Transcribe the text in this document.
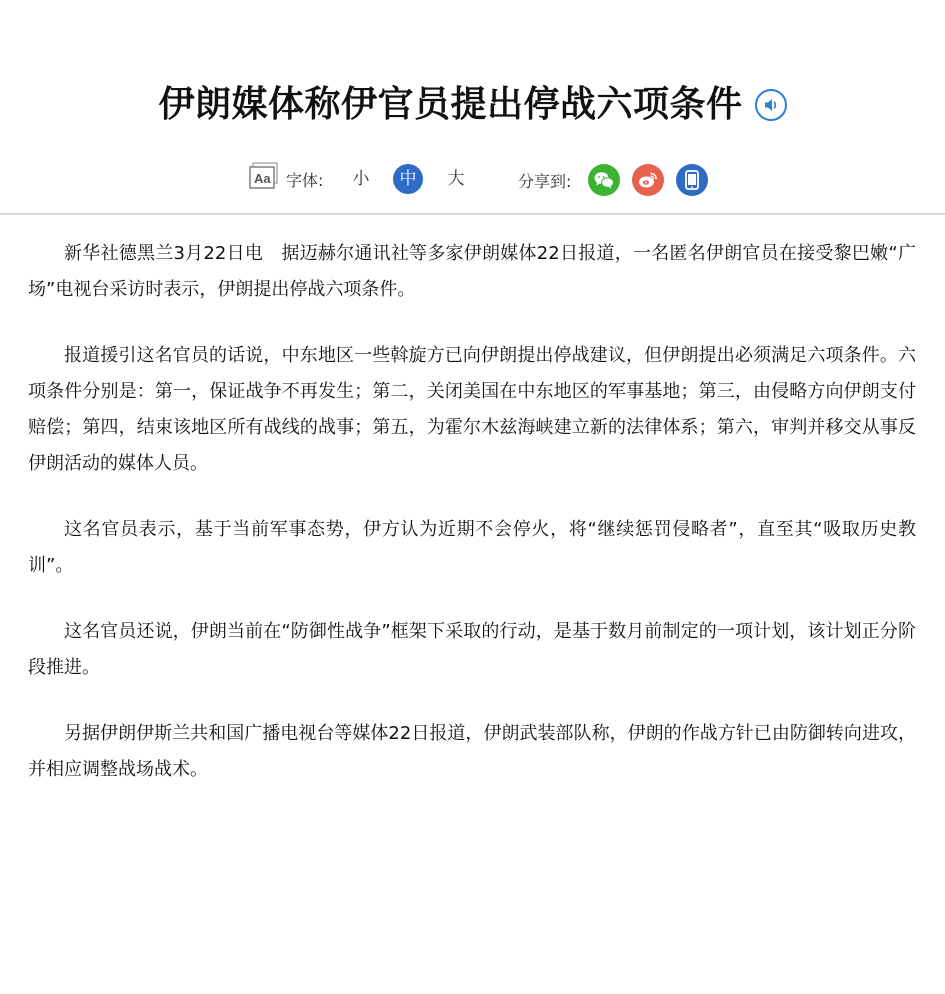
伊朗媒体称伊官员提出停战六项条件
Aa 字体:	小	中	大	分享到:

新华社德黑兰3月22日电　据迈赫尔通讯社等多家伊朗媒体22日报道，一名匿名伊朗官员在接受黎巴嫩“广场”电视台采访时表示，伊朗提出停战六项条件。

报道援引这名官员的话说，中东地区一些斡旋方已向伊朗提出停战建议，但伊朗提出必须满足六项条件。六项条件分别是：第一，保证战争不再发生；第二，关闭美国在中东地区的军事基地；第三，由侵略方向伊朗支付赔偿；第四，结束该地区所有战线的战事；第五，为霍尔木兹海峡建立新的法律体系；第六，审判并移交从事反伊朗活动的媒体人员。

这名官员表示，基于当前军事态势，伊方认为近期不会停火，将“继续惩罚侵略者”，直至其“吸取历史教训”。

这名官员还说，伊朗当前在“防御性战争”框架下采取的行动，是基于数月前制定的一项计划，该计划正分阶段推进。

另据伊朗伊斯兰共和国广播电视台等媒体22日报道，伊朗武装部队称，伊朗的作战方针已由防御转向进攻，并相应调整战场战术。
